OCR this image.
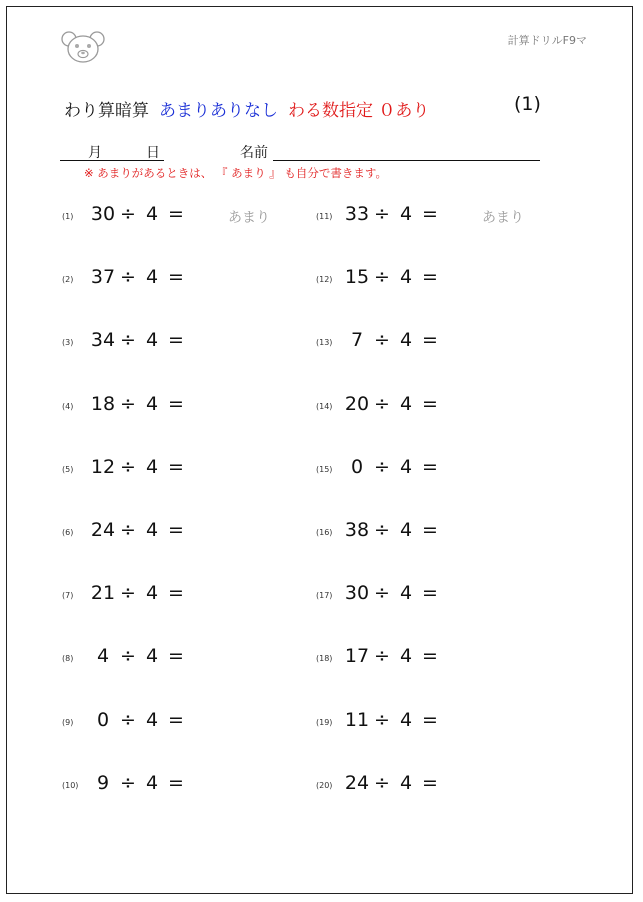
計算ドリルF9マ
わり算暗算 あまりありなし わる数指定 ０あり	(1)
月	日	名前
※ あまりがあるときは、 『 あまり 』 も自分で書きます。
(1) 30 ÷ 4 =	あまり
(2) 37 ÷ 4 =
(3) 34 ÷ 4 =
(4) 18 ÷ 4 =
(5) 12 ÷ 4 =
(6) 24 ÷ 4 =
(7) 21 ÷ 4 =
(8)	4 ÷ 4 =
(9)	0 ÷ 4 =
(10) 9 ÷ 4 =
(11) 33 ÷ 4 =	あまり
(12) 15 ÷ 4 =
(13) 7 ÷ 4 =
(14) 20 ÷ 4 =
(15) 0 ÷ 4 =
(16) 38 ÷ 4 =
(17) 30 ÷ 4 =
(18) 17 ÷ 4 =
(19) 11 ÷ 4 =
(20) 24 ÷ 4 =
